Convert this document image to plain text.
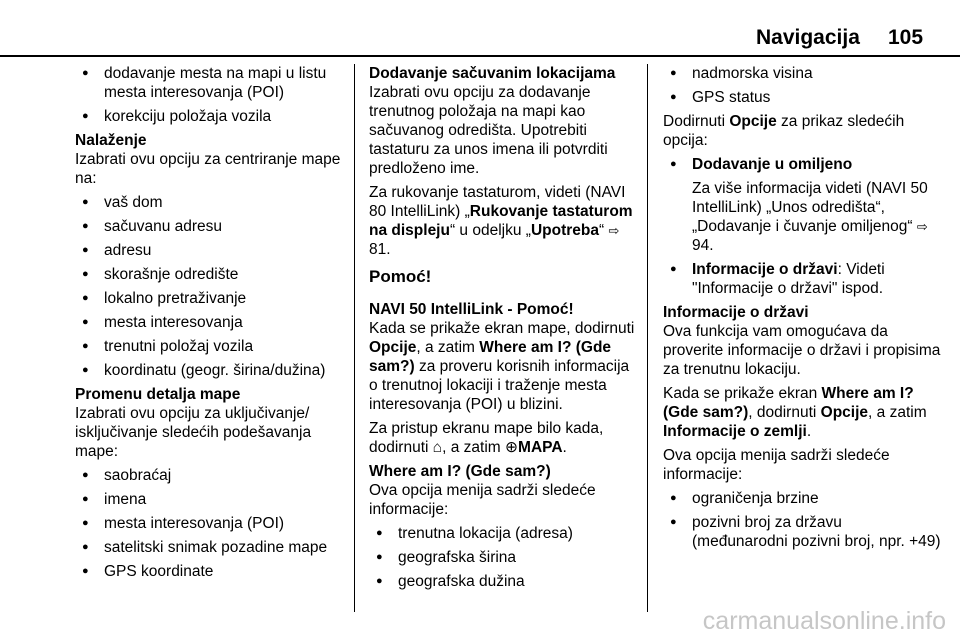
Navigacija 105
● dodavanje mesta na mapi u listu mesta interesovanja (POI)
● korekciju položaja vozila

Nalaženje

Izabrati ovu opciju za centriranje mape na:

● vaš dom
● sačuvanu adresu
● adresu
● skorašnje odredište
● lokalno pretraživanje
● mesta interesovanja
● trenutni položaj vozila
● koordinatu (geogr. širina/dužina)

Promenu detalja mape

Izabrati ovu opciju za uključivanje/ isključivanje sledećih podešavanja mape:

● saobraćaj
● imena
● mesta interesovanja (POI)
● satelitski snimak pozadine mape
● GPS koordinate

Dodavanje sačuvanim lokacijama

Izabrati ovu opciju za dodavanje trenutnog položaja na mapi kao sačuvanog odredišta. Upotrebiti tastaturu za unos imena ili potvrditi predloženo ime.

Za rukovanje tastaturom, videti (NAVI 80 IntelliLink) „Rukovanje tastaturom na displeju“ u odeljku „Upotreba“ ⇨ 81.

Pomoć!

NAVI 50 IntelliLink - Pomoć!

Kada se prikaže ekran mape, dodirnuti Opcije, a zatim Where am I? (Gde sam?) za proveru korisnih informacija o trenutnoj lokaciji i traženje mesta interesovanja (POI) u blizini.

Za pristup ekranu mape bilo kada, dodirnuti ⌂, a zatim ⊕MAPA.

Where am I? (Gde sam?)

Ova opcija menija sadrži sledeće informacije:

● trenutna lokacija (adresa)
● geografska širina
● geografska dužina
● nadmorska visina
● GPS status

Dodirnuti Opcije za prikaz sledećih opcija:

● Dodavanje u omiljeno

Za više informacija videti (NAVI 50 IntelliLink) „Unos odredišta“, „Dodavanje i čuvanje omiljenog“ ⇨ 94.

● Informacije o državi: Videti "Informacije o državi" ispod.

Informacije o državi

Ova funkcija vam omogućava da proverite informacije o državi i propisima za trenutnu lokaciju.

Kada se prikaže ekran Where am I? (Gde sam?), dodirnuti Opcije, a zatim Informacije o zemlji.

Ova opcija menija sadrži sledeće informacije:

● ograničenja brzine
● pozivni broj za državu (međunarodni pozivni broj, npr. +49)
carmanualsonline.info
